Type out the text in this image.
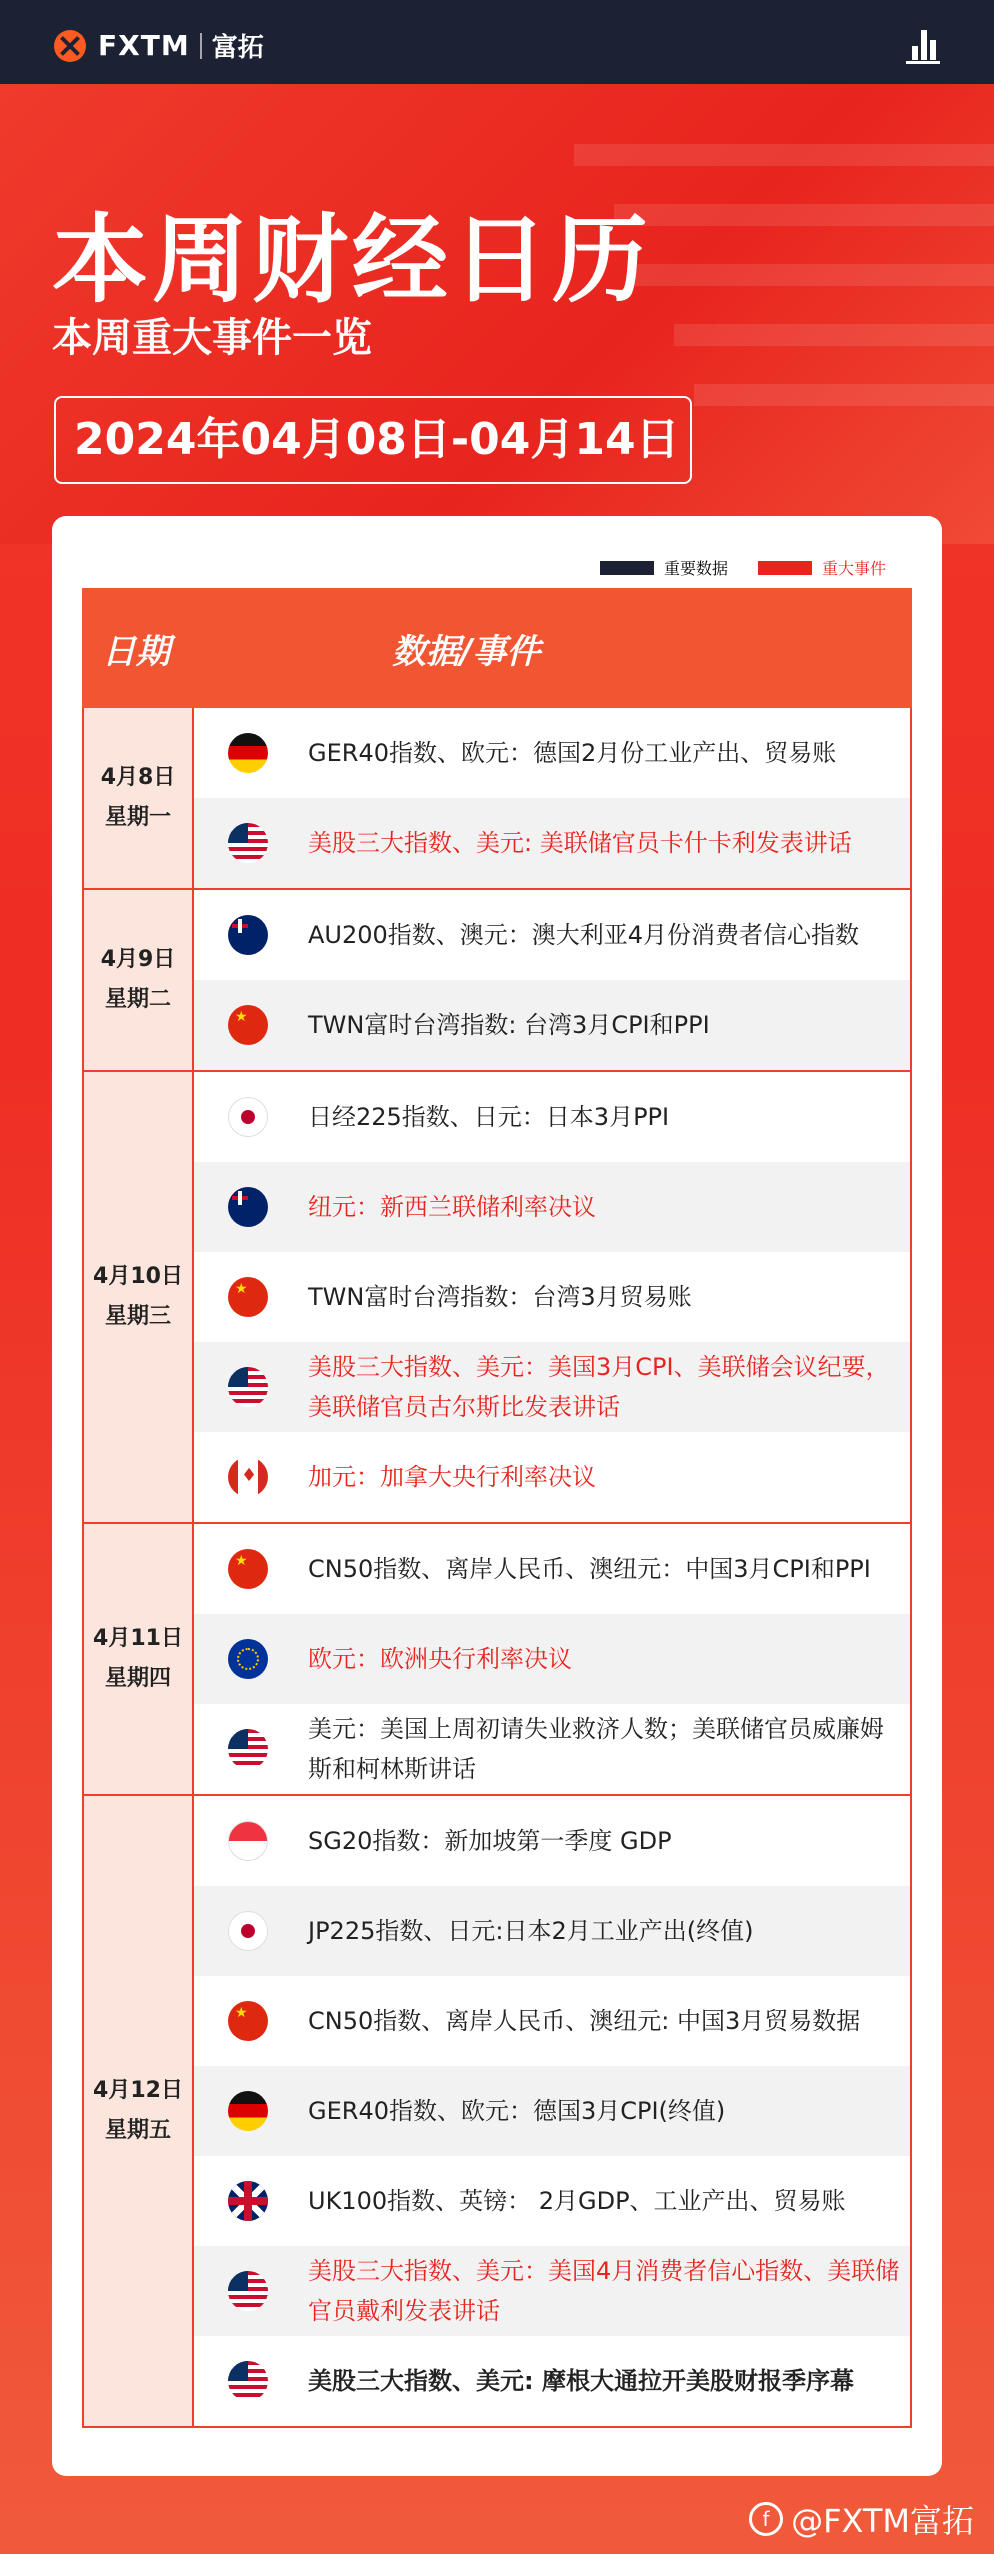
FXTM 富拓
本周财经日历
本周重大事件一览
2024年04月08日-04月14日
重要数据	重大事件
日期	数据/事件
4月8日
星期一
GER40指数、欧元：德国2月份工业产出、贸易账
美股三大指数、美元: 美联储官员卡什卡利发表讲话
4月9日
星期二
AU200指数、澳元：澳大利亚4月份消费者信心指数
★
TWN富时台湾指数: 台湾3月CPI和PPI
4月10日
星期三
日经225指数、日元：日本3月PPI
纽元：新西兰联储利率决议
★
TWN富时台湾指数：台湾3月贸易账
美股三大指数、美元：美国3月CPI、美联储会议纪要，美联储官员古尔斯比发表讲话
♦
加元：加拿大央行利率决议
4月11日
星期四
★
CN50指数、离岸人民币、澳纽元：中国3月CPI和PPI
欧元：欧洲央行利率决议
美元：美国上周初请失业救济人数；美联储官员威廉姆斯和柯林斯讲话
4月12日
星期五
SG20指数：新加坡第一季度 GDP
JP225指数、日元:日本2月工业产出(终值)
★
CN50指数、离岸人民币、澳纽元: 中国3月贸易数据
GER40指数、欧元：德国3月CPI(终值)
UK100指数、英镑： 2月GDP、工业产出、贸易账
美股三大指数、美元：美国4月消费者信心指数、美联储官员戴利发表讲话
美股三大指数、美元: 摩根大通拉开美股财报季序幕
f @FXTM富拓
